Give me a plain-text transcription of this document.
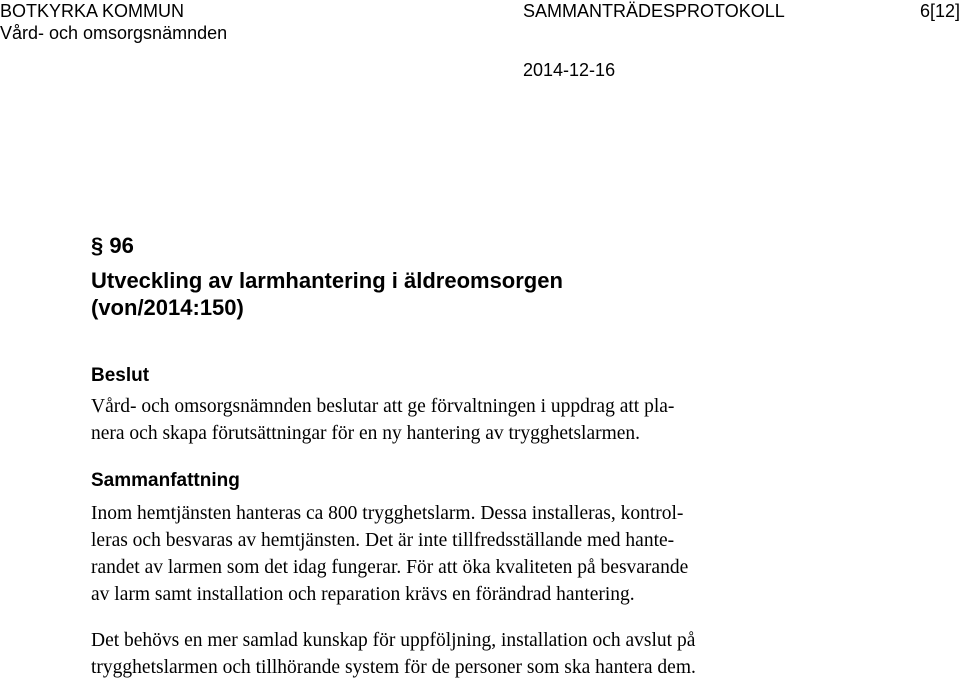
BOTKYRKA KOMMUN
Vård- och omsorgsnämnden
SAMMANTRÄDESPROTOKOLL	6[12]
2014-12-16
§ 96
Utveckling av larmhantering i äldreomsorgen
(von/2014:150)
Beslut
Vård- och omsorgsnämnden beslutar att ge förvaltningen i uppdrag att pla-
nera och skapa förutsättningar för en ny hantering av trygghetslarmen.
Sammanfattning
Inom hemtjänsten hanteras ca 800 trygghetslarm. Dessa installeras, kontrol-
leras och besvaras av hemtjänsten. Det är inte tillfredsställande med hante-
randet av larmen som det idag fungerar. För att öka kvaliteten på besvarande
av larm samt installation och reparation krävs en förändrad hantering.
Det behövs en mer samlad kunskap för uppföljning, installation och avslut på
trygghetslarmen och tillhörande system för de personer som ska hantera dem.
